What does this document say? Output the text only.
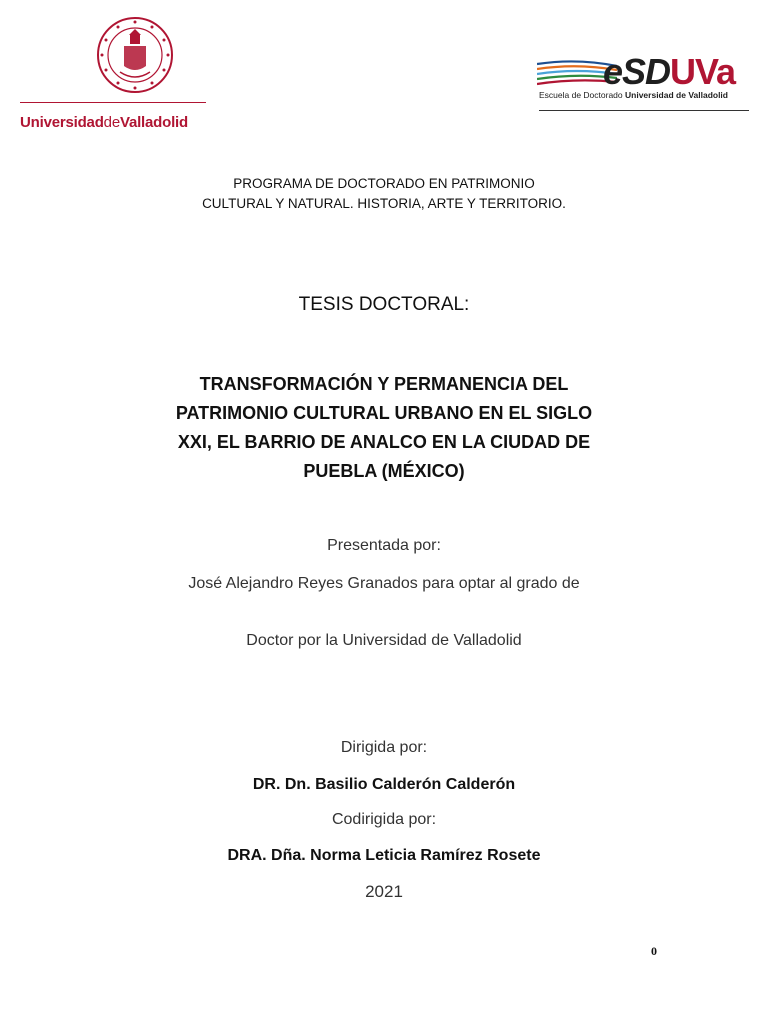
UniversidaddeValladolid
eSDUVa
Escuela de Doctorado Universidad de Valladolid
PROGRAMA DE DOCTORADO EN PATRIMONIO
CULTURAL Y NATURAL. HISTORIA, ARTE Y TERRITORIO.
TESIS DOCTORAL:
TRANSFORMACIÓN Y PERMANENCIA DEL PATRIMONIO CULTURAL URBANO EN EL SIGLO XXI, EL BARRIO DE ANALCO EN LA CIUDAD DE PUEBLA (MÉXICO)
Presentada por:
José Alejandro Reyes Granados para optar al grado de
Doctor por la Universidad de Valladolid
Dirigida por:
DR. Dn. Basilio Calderón Calderón
Codirigida por:
DRA. Dña. Norma Leticia Ramírez Rosete
2021
0
